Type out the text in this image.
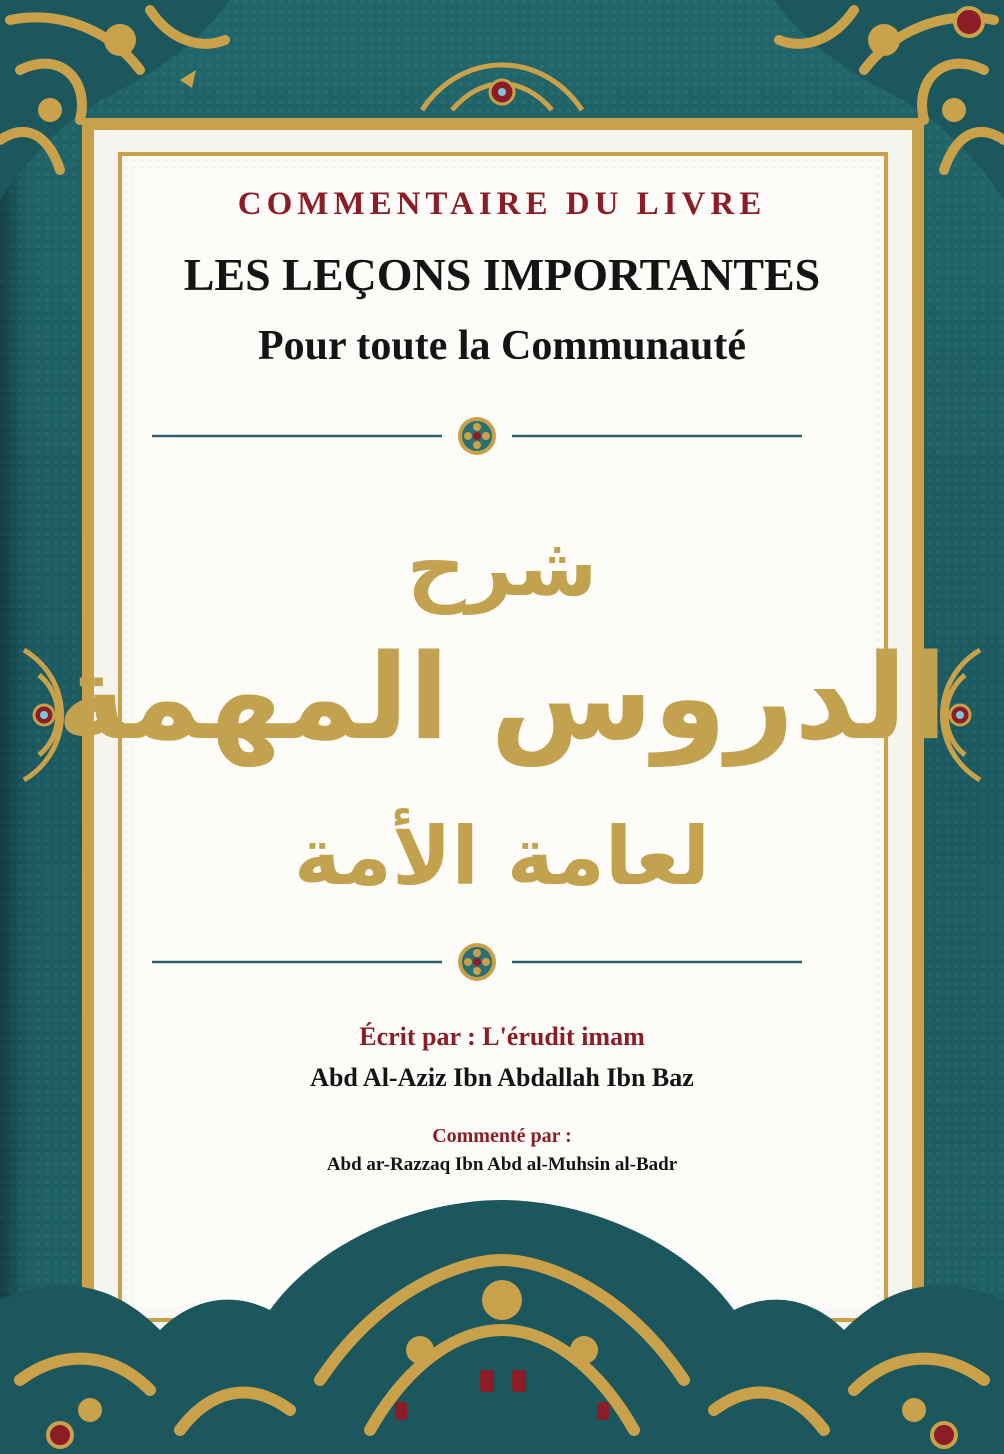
COMMENTAIRE DU LIVRE
LES LEÇONS IMPORTANTES
Pour toute la Communauté
شرح
الدروس المهمة
لعامة الأمة
Écrit par : L'érudit imam
Abd Al-Aziz Ibn Abdallah Ibn Baz
Commenté par :
Abd ar-Razzaq Ibn Abd al-Muhsin al-Badr
